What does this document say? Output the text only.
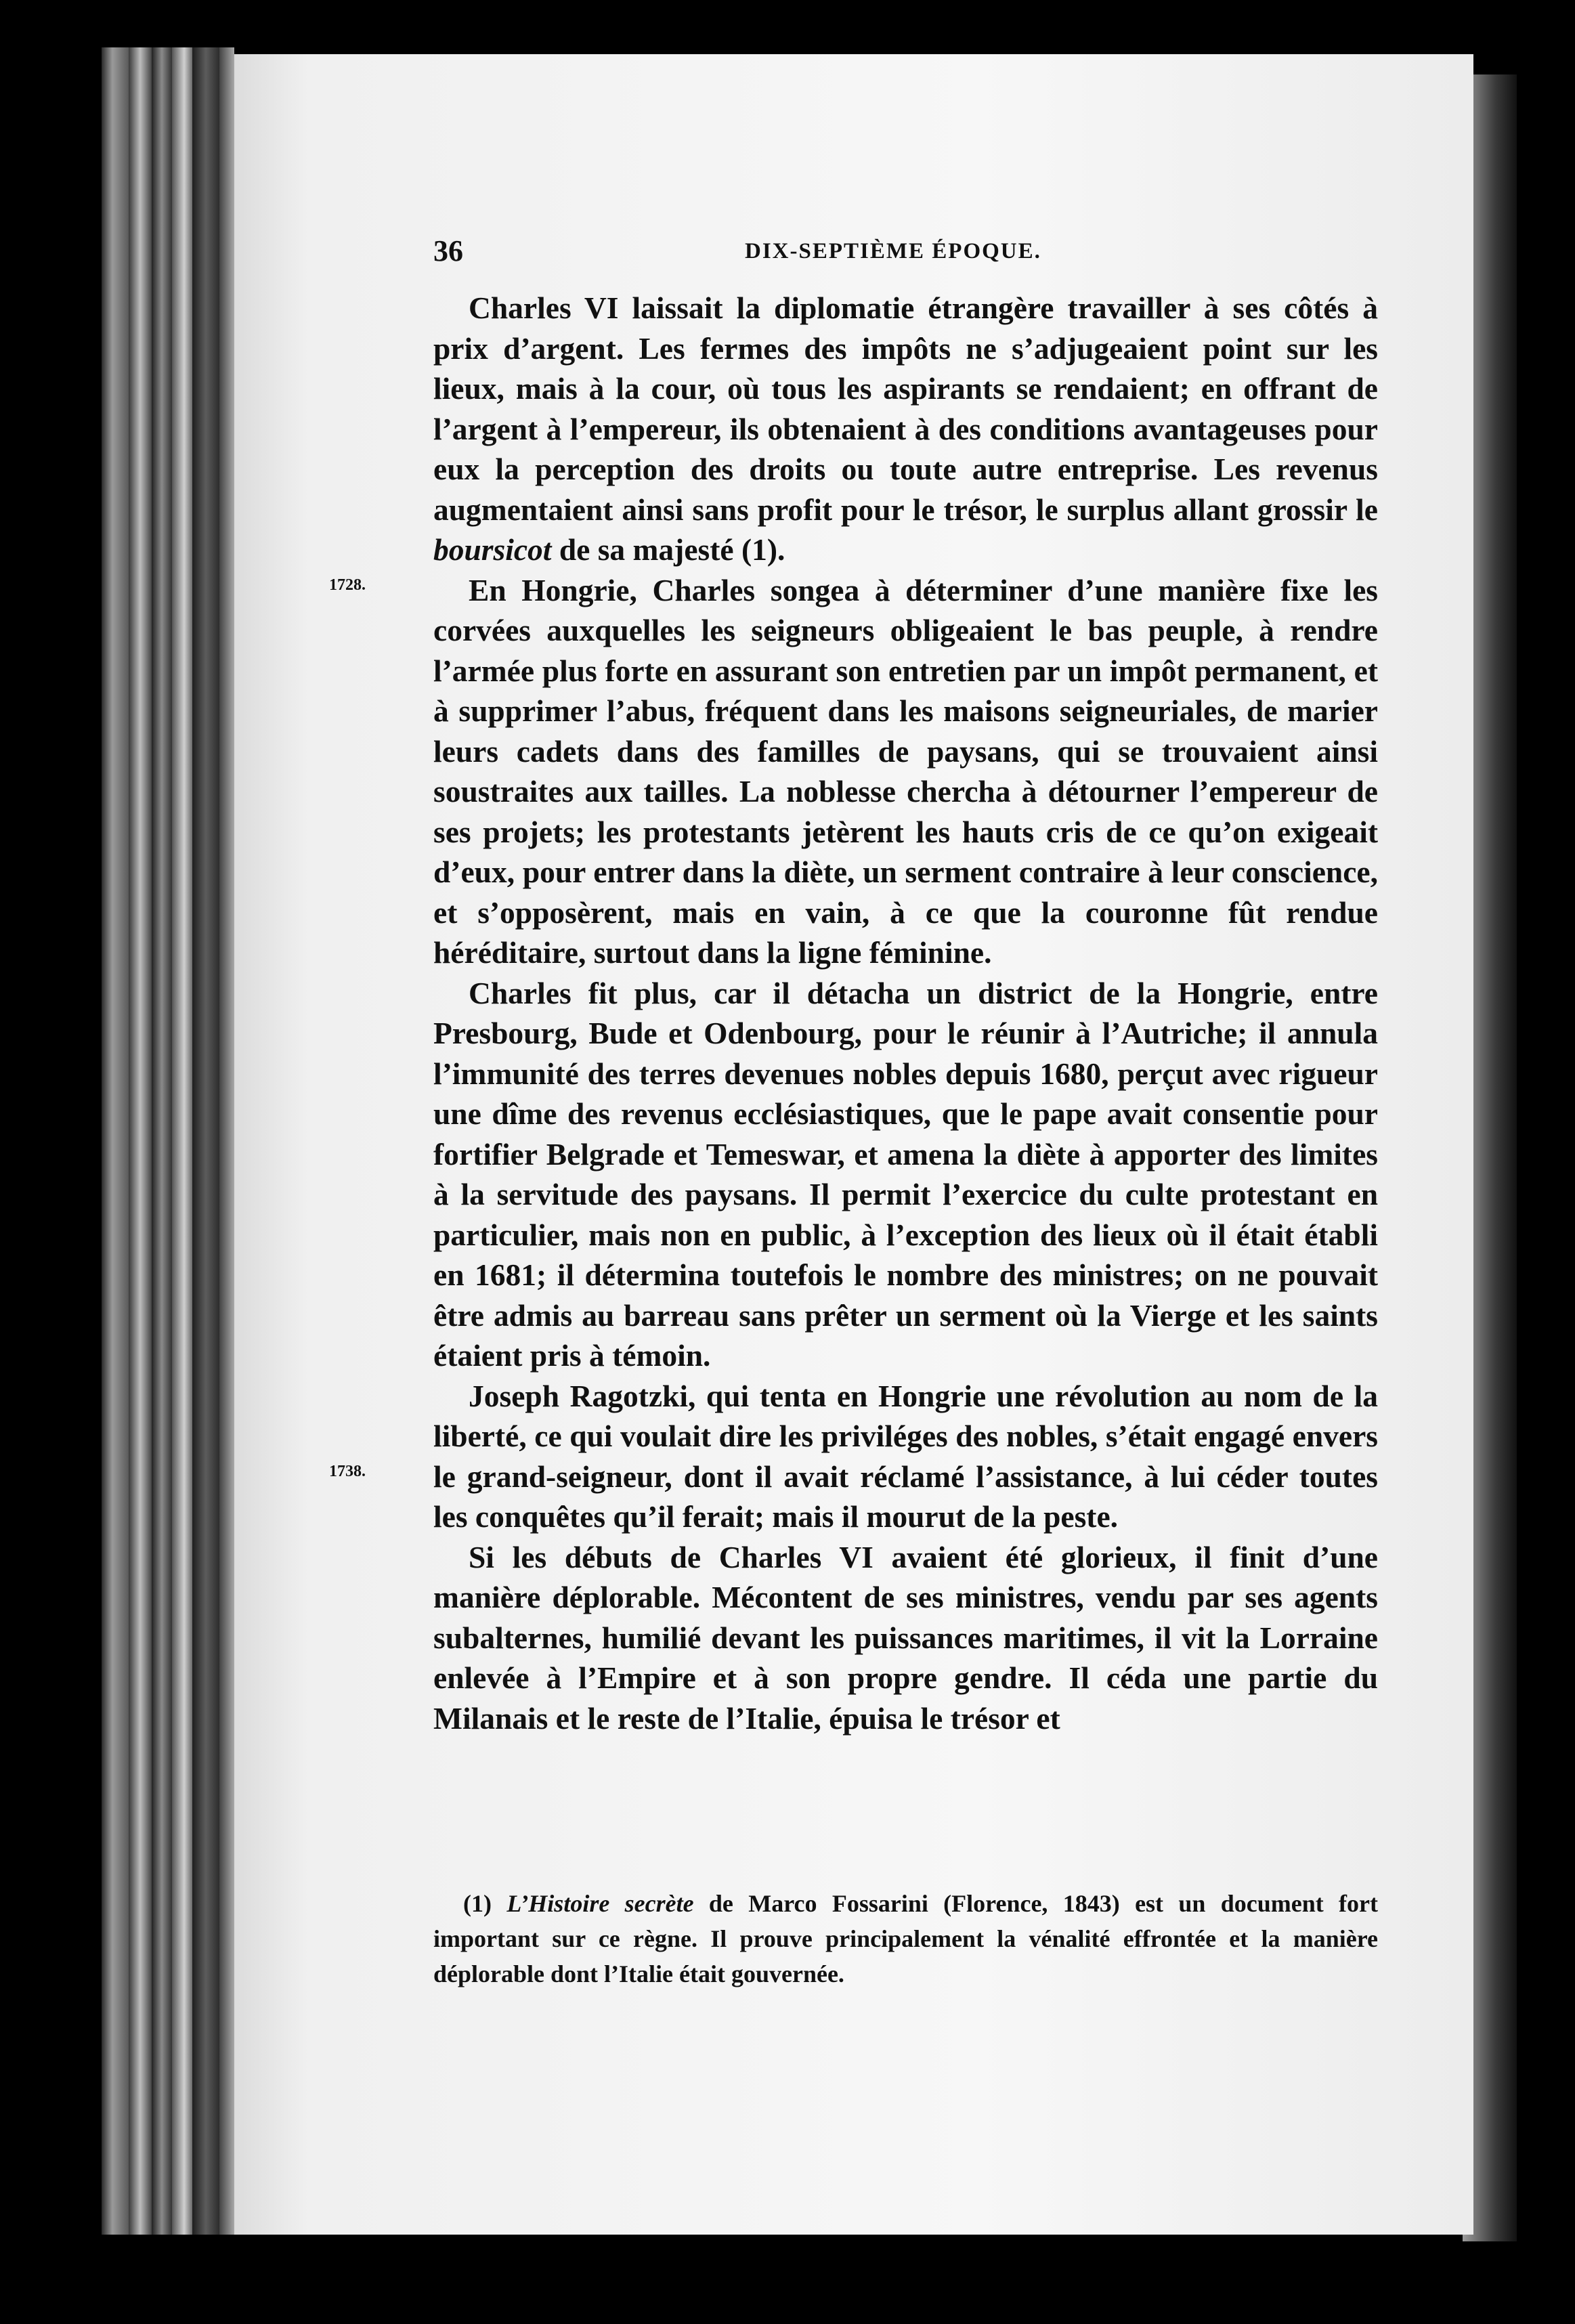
36	DIX-SEPTIÈME ÉPOQUE.
1728.
1738.

Charles VI laissait la diplomatie étrangère travailler à ses côtés à prix d’argent. Les fermes des impôts ne s’adjugeaient point sur les lieux, mais à la cour, où tous les aspirants se rendaient; en offrant de l’argent à l’empereur, ils obtenaient à des conditions avantageuses pour eux la perception des droits ou toute autre entreprise. Les revenus augmentaient ainsi sans profit pour le trésor, le surplus allant grossir le boursicot de sa majesté (1).

En Hongrie, Charles songea à déterminer d’une manière fixe les corvées auxquelles les seigneurs obligeaient le bas peuple, à rendre l’armée plus forte en assurant son entretien par un impôt permanent, et à supprimer l’abus, fréquent dans les maisons seigneuriales, de marier leurs cadets dans des familles de paysans, qui se trouvaient ainsi soustraites aux tailles. La noblesse chercha à détourner l’empereur de ses projets; les protestants jetèrent les hauts cris de ce qu’on exigeait d’eux, pour entrer dans la diète, un serment contraire à leur conscience, et s’opposèrent, mais en vain, à ce que la couronne fût rendue héréditaire, surtout dans la ligne féminine.

Charles fit plus, car il détacha un district de la Hongrie, entre Presbourg, Bude et Odenbourg, pour le réunir à l’Autriche; il annula l’immunité des terres devenues nobles depuis 1680, perçut avec rigueur une dîme des revenus ecclésiastiques, que le pape avait consentie pour fortifier Belgrade et Temeswar, et amena la diète à apporter des limites à la servitude des paysans. Il permit l’exercice du culte protestant en particulier, mais non en public, à l’exception des lieux où il était établi en 1681; il détermina toutefois le nombre des ministres; on ne pouvait être admis au barreau sans prêter un serment où la Vierge et les saints étaient pris à témoin.

Joseph Ragotzki, qui tenta en Hongrie une révolution au nom de la liberté, ce qui voulait dire les priviléges des nobles, s’était engagé envers le grand-seigneur, dont il avait réclamé l’assistance, à lui céder toutes les conquêtes qu’il ferait; mais il mourut de la peste.

Si les débuts de Charles VI avaient été glorieux, il finit d’une manière déplorable. Mécontent de ses ministres, vendu par ses agents subalternes, humilié devant les puissances maritimes, il vit la Lorraine enlevée à l’Empire et à son propre gendre. Il céda une partie du Milanais et le reste de l’Italie, épuisa le trésor et

(1) L’Histoire secrète de Marco Fossarini (Florence, 1843) est un document fort important sur ce règne. Il prouve principalement la vénalité effrontée et la manière déplorable dont l’Italie était gouvernée.
